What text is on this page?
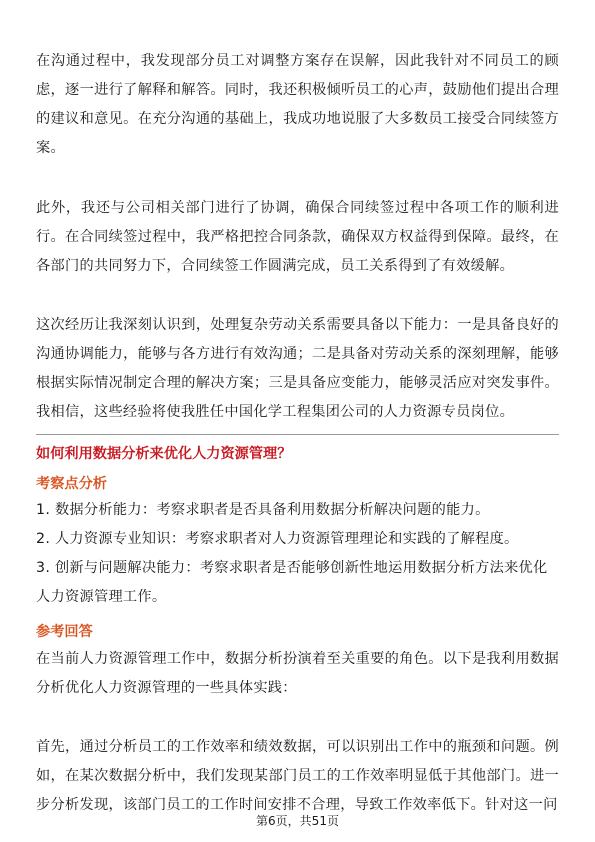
在沟通过程中，我发现部分员工对调整方案存在误解，因此我针对不同员工的顾虑，逐一进行了解释和解答。同时，我还积极倾听员工的心声，鼓励他们提出合理的建议和意见。在充分沟通的基础上，我成功地说服了大多数员工接受合同续签方案。

此外，我还与公司相关部门进行了协调，确保合同续签过程中各项工作的顺利进行。在合同续签过程中，我严格把控合同条款，确保双方权益得到保障。最终，在各部门的共同努力下，合同续签工作圆满完成，员工关系得到了有效缓解。

这次经历让我深刻认识到，处理复杂劳动关系需要具备以下能力：一是具备良好的沟通协调能力，能够与各方进行有效沟通；二是具备对劳动关系的深刻理解，能够根据实际情况制定合理的解决方案；三是具备应变能力，能够灵活应对突发事件。我相信，这些经验将使我胜任中国化学工程集团公司的人力资源专员岗位。

如何利用数据分析来优化人力资源管理？

考察点分析

1. 数据分析能力：考察求职者是否具备利用数据分析解决问题的能力。
2. 人力资源专业知识：考察求职者对人力资源管理理论和实践的了解程度。
3. 创新与问题解决能力：考察求职者是否能够创新性地运用数据分析方法来优化人力资源管理工作。

参考回答

在当前人力资源管理工作中，数据分析扮演着至关重要的角色。以下是我利用数据分析优化人力资源管理的一些具体实践：

首先，通过分析员工的工作效率和绩效数据，可以识别出工作中的瓶颈和问题。例如，在某次数据分析中，我们发现某部门员工的工作效率明显低于其他部门。进一步分析发现，该部门员工的工作时间安排不合理，导致工作效率低下。针对这一问

第6页，共51页
